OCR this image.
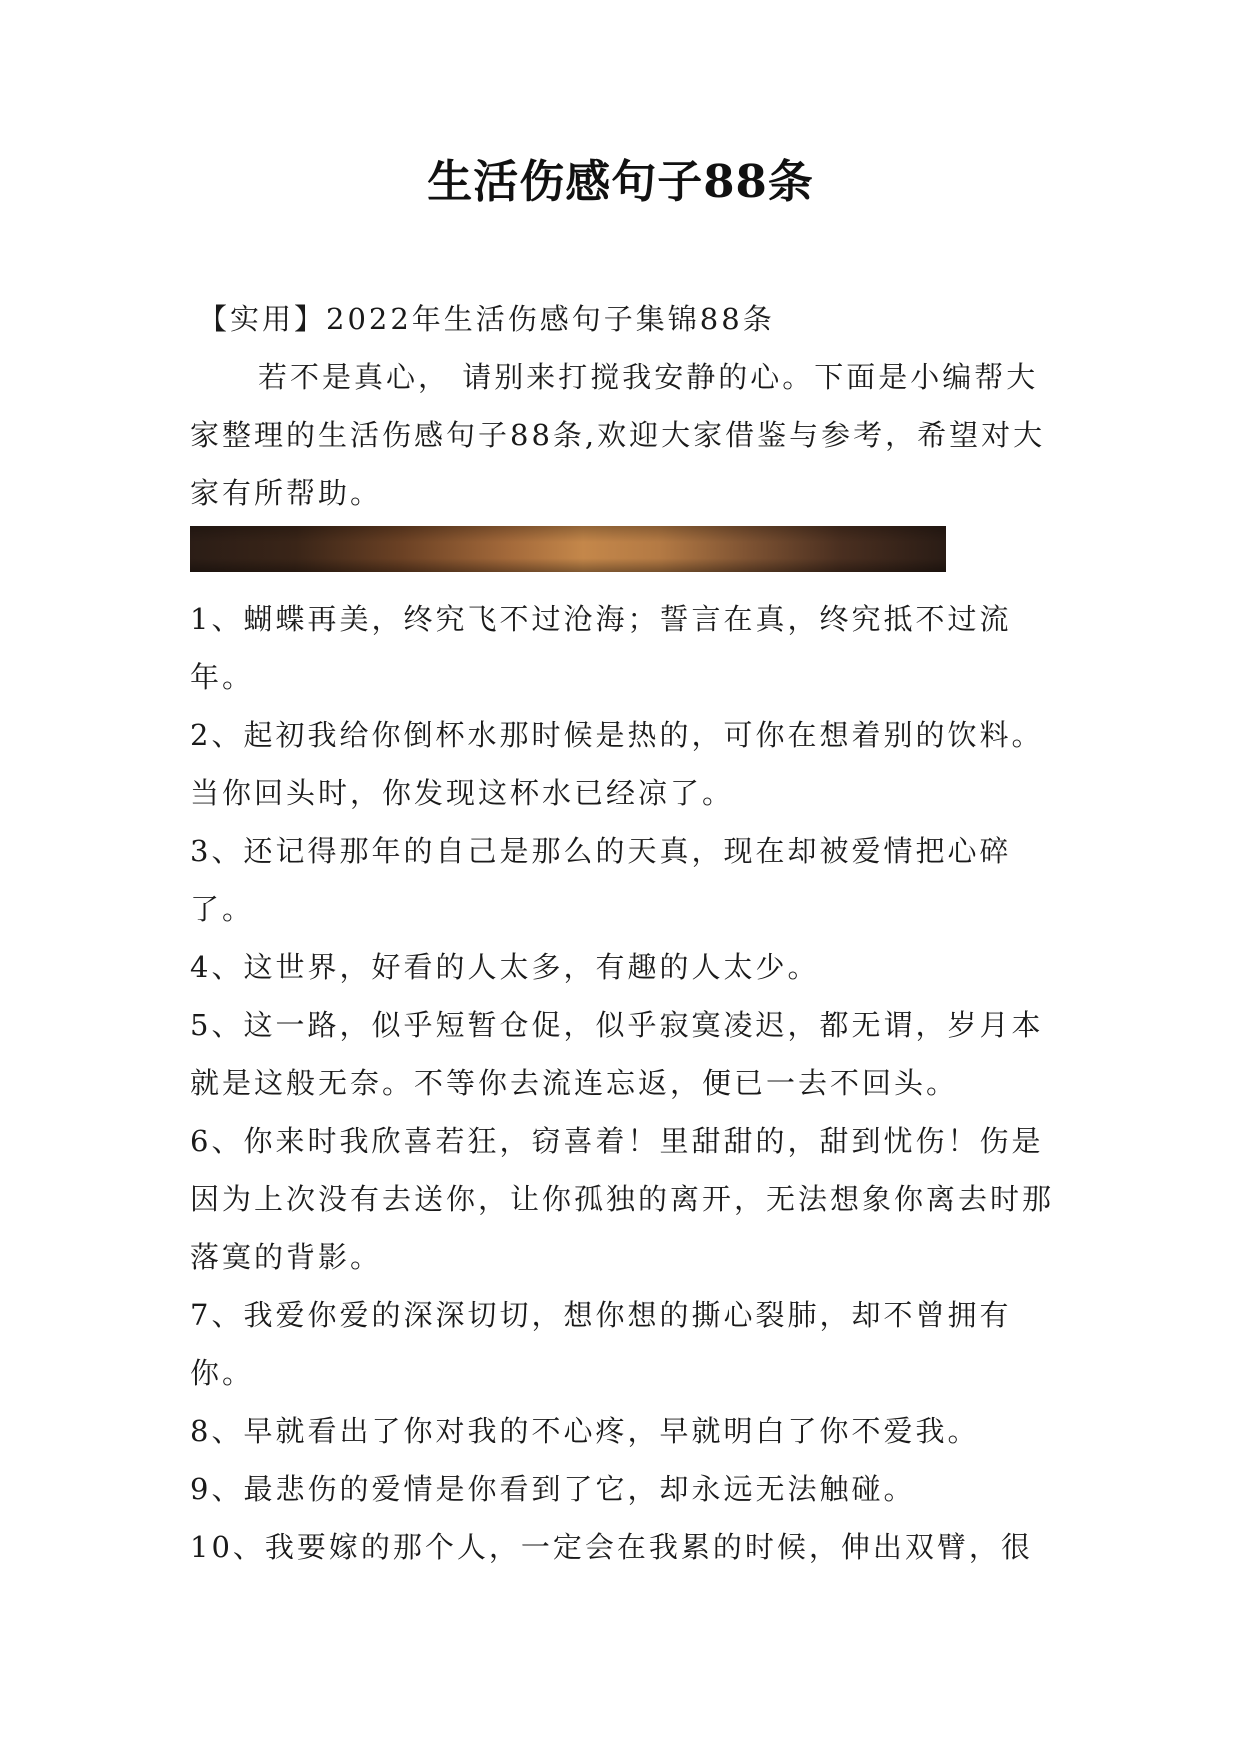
生活伤感句子88条

【实用】2022年生活伤感句子集锦88条

若不是真心， 请别来打搅我安静的心。下面是小编帮大家整理的生活伤感句子88条,欢迎大家借鉴与参考，希望对大家有所帮助。

1、蝴蝶再美，终究飞不过沧海；誓言在真，终究抵不过流年。

2、起初我给你倒杯水那时候是热的，可你在想着别的饮料。当你回头时，你发现这杯水已经凉了。

3、还记得那年的自己是那么的天真，现在却被爱情把心碎了。

4、这世界，好看的人太多，有趣的人太少。

5、这一路，似乎短暂仓促，似乎寂寞凌迟，都无谓，岁月本就是这般无奈。不等你去流连忘返，便已一去不回头。

6、你来时我欣喜若狂，窃喜着！里甜甜的，甜到忧伤！伤是因为上次没有去送你，让你孤独的离开，无法想象你离去时那落寞的背影。

7、我爱你爱的深深切切，想你想的撕心裂肺，却不曾拥有你。

8、早就看出了你对我的不心疼，早就明白了你不爱我。

9、最悲伤的爱情是你看到了它，却永远无法触碰。

10、我要嫁的那个人，一定会在我累的时候，伸出双臂，很
